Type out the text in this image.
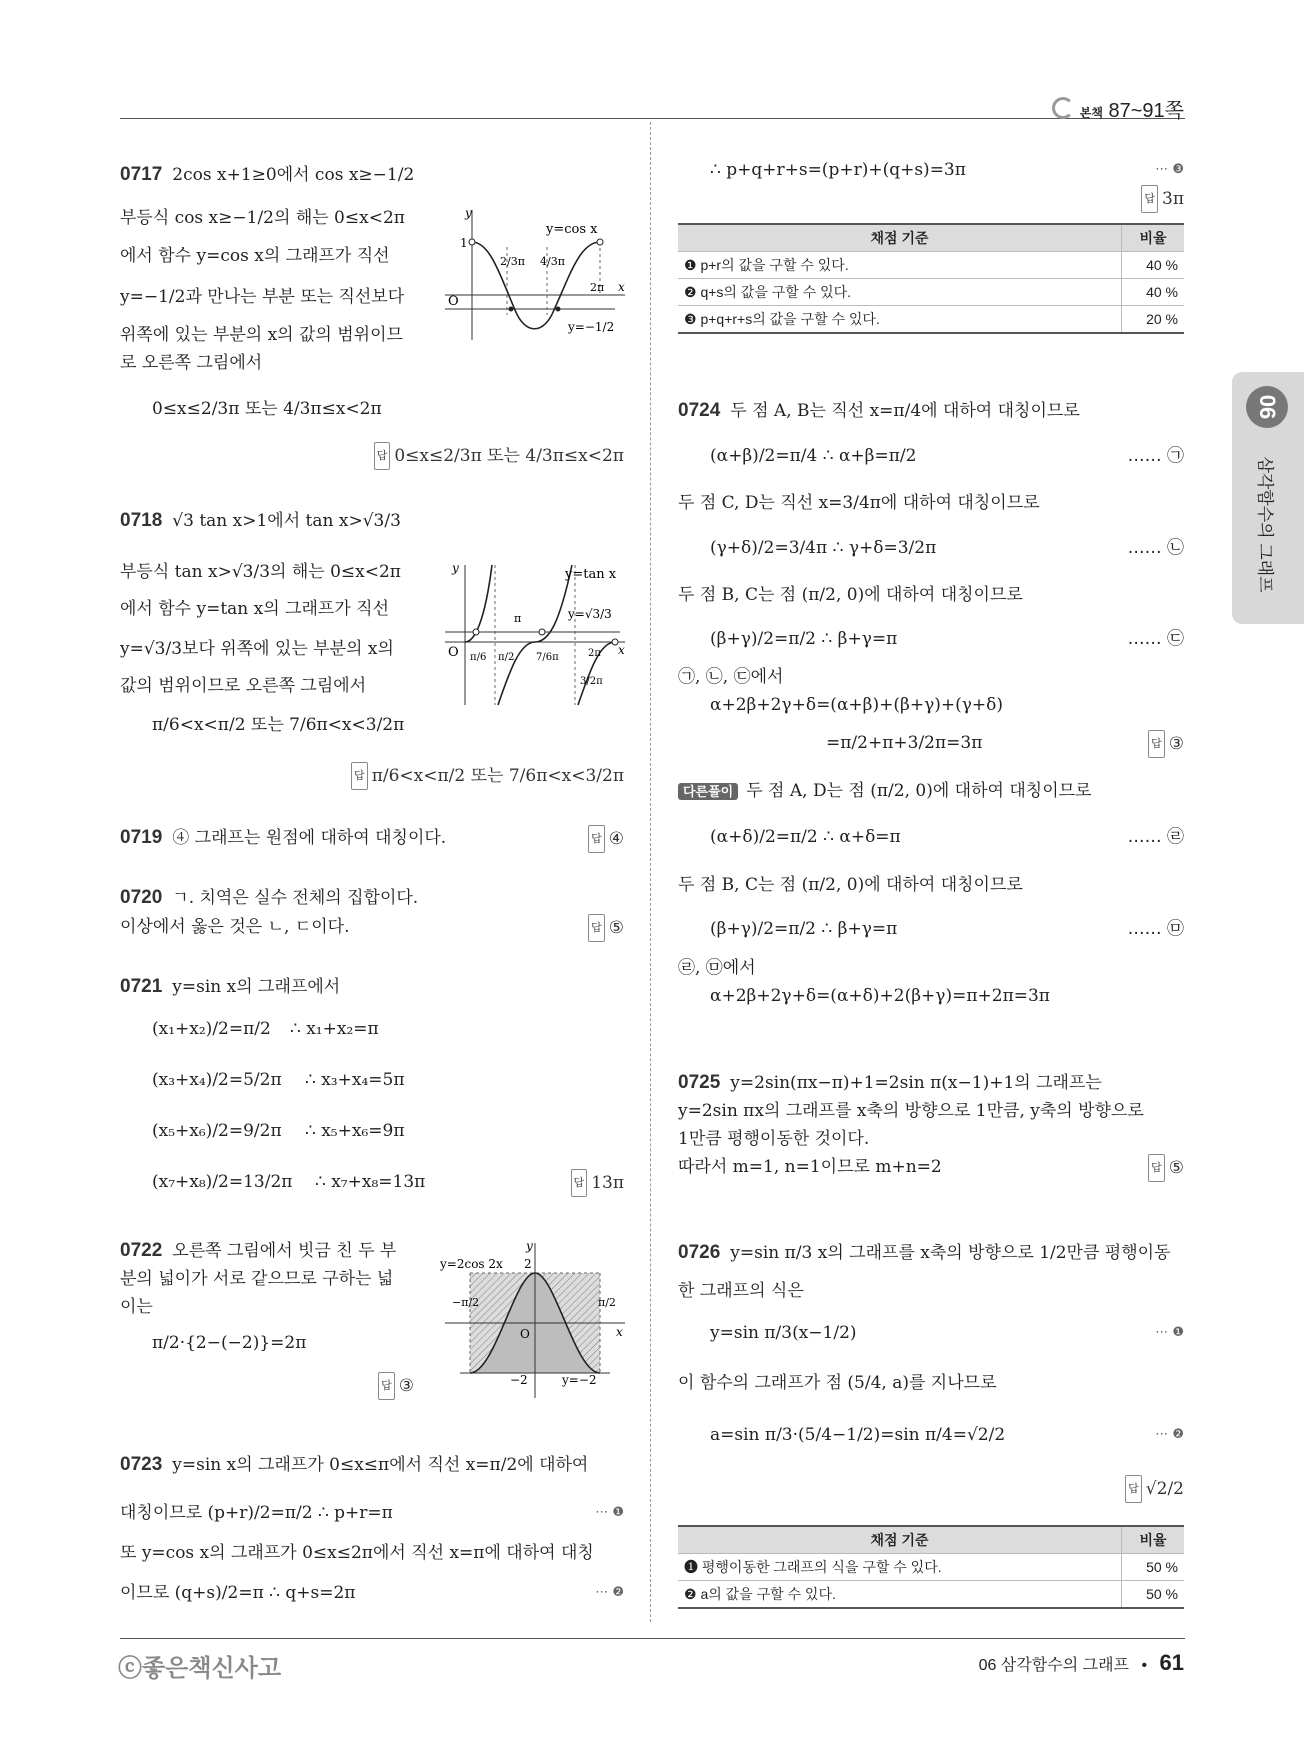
본책 87~91쪽
06
삼각함수의 그래프
0717 2cos x+1≥0에서 cos x≥−1/2
부등식 cos x≥−1/2의 해는 0≤x<2π
에서 함수 y=cos x의 그래프가 직선
y=−1/2과 만나는 부분 또는 직선보다
위쪽에 있는 부분의 x의 값의 범위이므
로 오른쪽 그림에서
0≤x≤2/3π 또는 4/3π≤x<2π
답 0≤x≤2/3π 또는 4/3π≤x<2π
y
x
O
1
y=cos x
2/3π 4/3π
2π
y=−1/2
0718 √3 tan x>1에서 tan x>√3/3
부등식 tan x>√3/3의 해는 0≤x<2π
에서 함수 y=tan x의 그래프가 직선
y=√3/3보다 위쪽에 있는 부분의 x의
값의 범위이므로 오른쪽 그림에서
π/6<x<π/2 또는 7/6π<x<3/2π
답 π/6<x<π/2 또는 7/6π<x<3/2π
y
x
O
y=tan x
y=√3/3
π/6 π/2
π
7/6π
3/2π
2π
0719 ④ 그래프는 원점에 대하여 대칭이다.	답 ④
0720 ㄱ. 치역은 실수 전체의 집합이다.
이상에서 옳은 것은 ㄴ, ㄷ이다.	답 ⑤
0721 y=sin x의 그래프에서
(x₁+x₂)/2=π/2 ∴ x₁+x₂=π
(x₃+x₄)/2=5/2π ∴ x₃+x₄=5π
(x₅+x₆)/2=9/2π ∴ x₅+x₆=9π
(x₇+x₈)/2=13/2π ∴ x₇+x₈=13π	답 13π
0722 오른쪽 그림에서 빗금 친 두 부
분의 넓이가 서로 같으므로 구하는 넓
이는
π/2·{2−(−2)}=2π
답 ③
y
x
2
−2
O
y=2cos 2x
−π/2	π/2
y=−2
0723 y=sin x의 그래프가 0≤x≤π에서 직선 x=π/2에 대하여
대칭이므로 (p+r)/2=π/2 ∴ p+r=π	⋯ ❶
또 y=cos x의 그래프가 0≤x≤2π에서 직선 x=π에 대하여 대칭
이므로 (q+s)/2=π ∴ q+s=2π	⋯ ❷
∴ p+q+r+s=(p+r)+(q+s)=3π	⋯ ❸
답 3π
채점 기준	비율
❶ p+r의 값을 구할 수 있다.	40 %
❷ q+s의 값을 구할 수 있다.	40 %
❸ p+q+r+s의 값을 구할 수 있다.	20 %
0724 두 점 A, B는 직선 x=π/4에 대하여 대칭이므로
(α+β)/2=π/4 ∴ α+β=π/2	…… ㉠
두 점 C, D는 직선 x=3/4π에 대하여 대칭이므로
(γ+δ)/2=3/4π ∴ γ+δ=3/2π	…… ㉡
두 점 B, C는 점 (π/2, 0)에 대하여 대칭이므로
(β+γ)/2=π/2 ∴ β+γ=π	…… ㉢
㉠, ㉡, ㉢에서
α+2β+2γ+δ=(α+β)+(β+γ)+(γ+δ)
=π/2+π+3/2π=3π	답 ③
다른풀이 두 점 A, D는 점 (π/2, 0)에 대하여 대칭이므로
(α+δ)/2=π/2 ∴ α+δ=π	…… ㉣
두 점 B, C는 점 (π/2, 0)에 대하여 대칭이므로
(β+γ)/2=π/2 ∴ β+γ=π	…… ㉤
㉣, ㉤에서
α+2β+2γ+δ=(α+δ)+2(β+γ)=π+2π=3π
0725 y=2sin(πx−π)+1=2sin π(x−1)+1의 그래프는
y=2sin πx의 그래프를 x축의 방향으로 1만큼, y축의 방향으로
1만큼 평행이동한 것이다.
따라서 m=1, n=1이므로 m+n=2	답 ⑤
0726 y=sin π/3 x의 그래프를 x축의 방향으로 1/2만큼 평행이동
한 그래프의 식은
y=sin π/3(x−1/2)	⋯ ❶
이 함수의 그래프가 점 (5/4, a)를 지나므로
a=sin π/3·(5/4−1/2)=sin π/4=√2/2	⋯ ❷
답 √2/2
채점 기준	비율
❶ 평행이동한 그래프의 식을 구할 수 있다.	50 %
❷ a의 값을 구할 수 있다.	50 %
ⓒ좋은책신사고	06 삼각함수의 그래프 • 61
